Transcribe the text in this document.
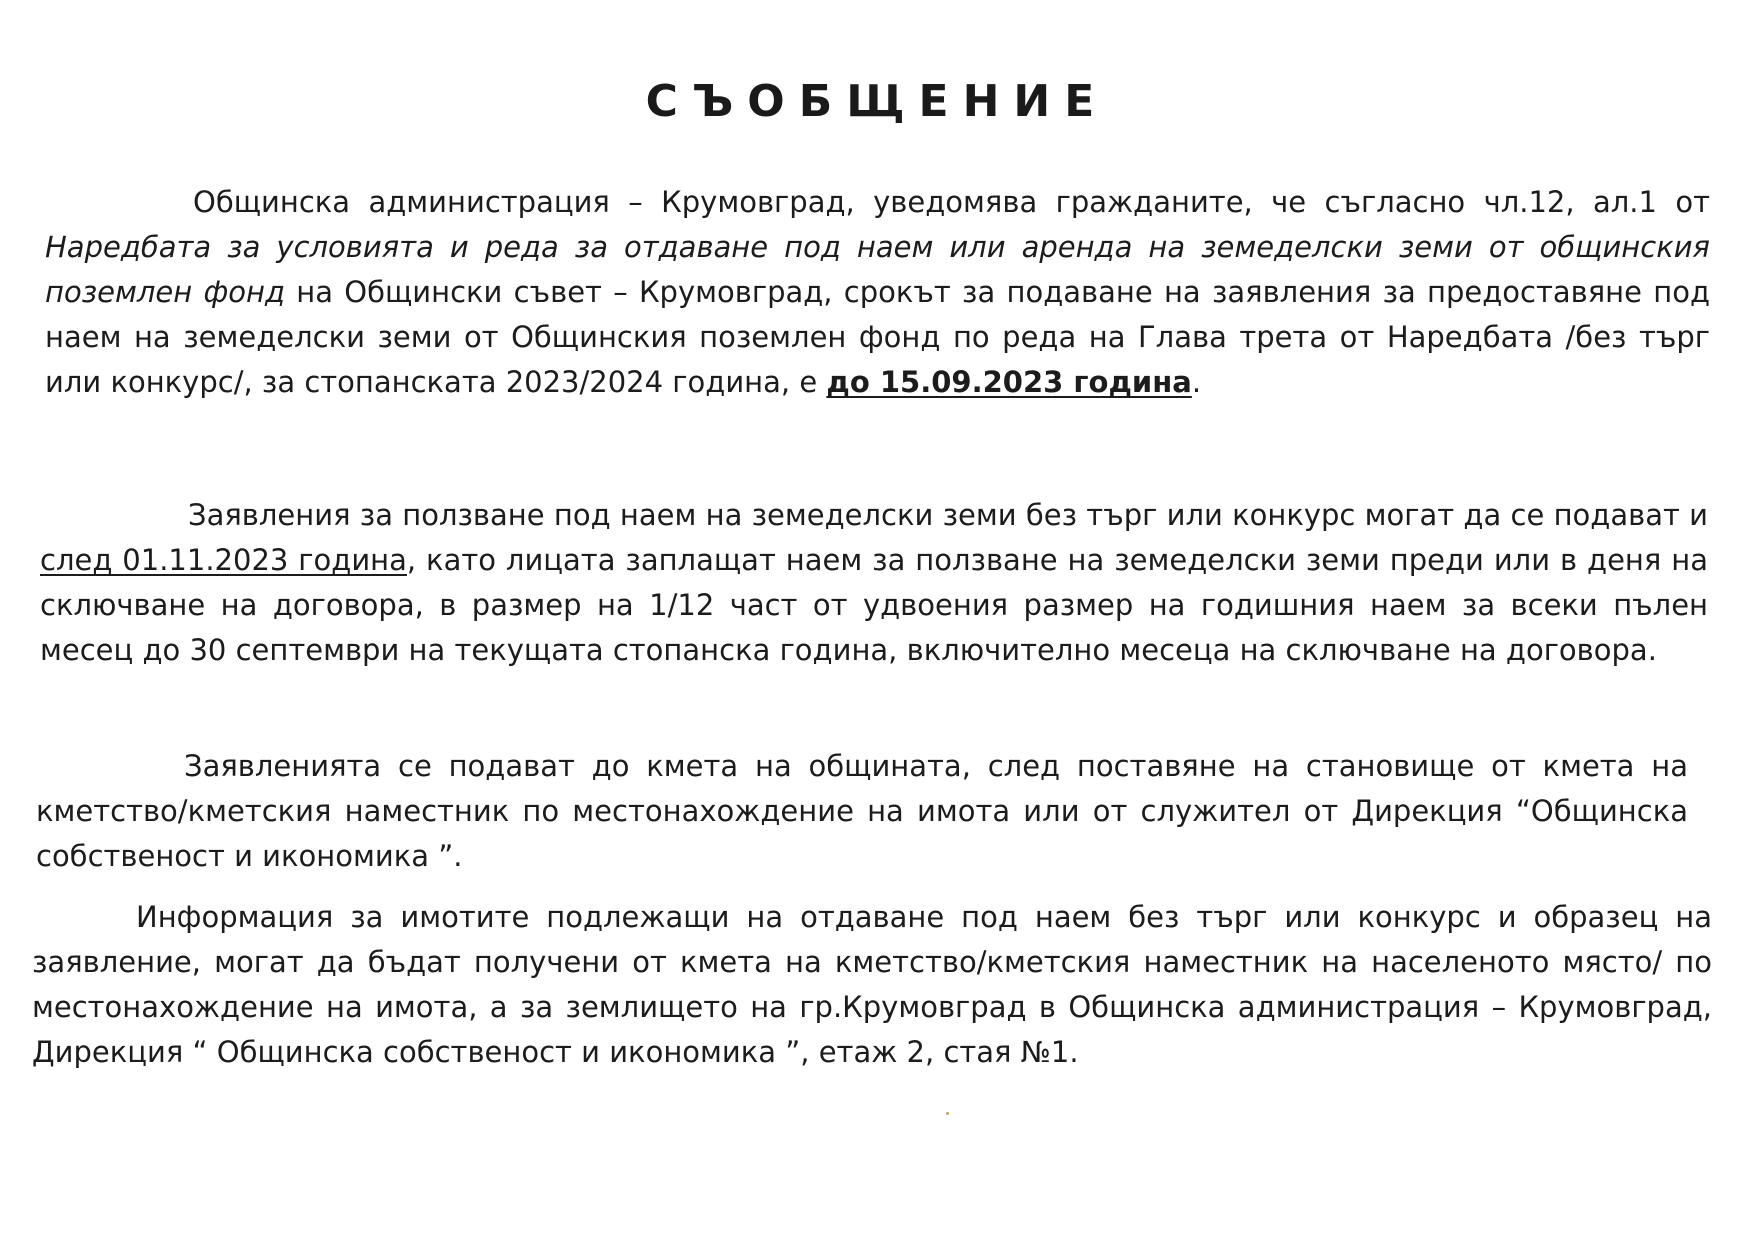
СЪОБЩЕНИЕ

Общинска администрация – Крумовград, уведомява гражданите, че съгласно чл.12, ал.1 от Наредбата за условията и реда за отдаване под наем или аренда на земеделски земи от общинския поземлен фонд на Общински съвет – Крумовград, срокът за подаване на заявления за предоставяне под наем на земеделски земи от Общинския поземлен фонд по реда на Глава трета от Наредбата /без търг или конкурс/, за стопанската 2023/2024 година, е до 15.09.2023 година.

Заявления за ползване под наем на земеделски земи без търг или конкурс могат да се подават и след 01.11.2023 година, като лицата заплащат наем за ползване на земеделски земи преди или в деня на сключване на договора, в размер на 1/12 част от удвоения размер на годишния наем за всеки пълен месец до 30 септември на текущата стопанска година, включително месеца на сключване на договора.

Заявленията се подават до кмета на общината, след поставяне на становище от кмета на кметство/кметския наместник по местонахождение на имота или от служител от Дирекция “Общинска собственост и икономика ”.

Информация за имотите подлежащи на отдаване под наем без търг или конкурс и образец на заявление, могат да бъдат получени от кмета на кметство/кметския наместник на населеното място/ по местонахождение на имота, а за землището на гр.Крумовград в Общинска администрация – Крумовград, Дирекция “ Общинска собственост и икономика ”, етаж 2, стая №1.
